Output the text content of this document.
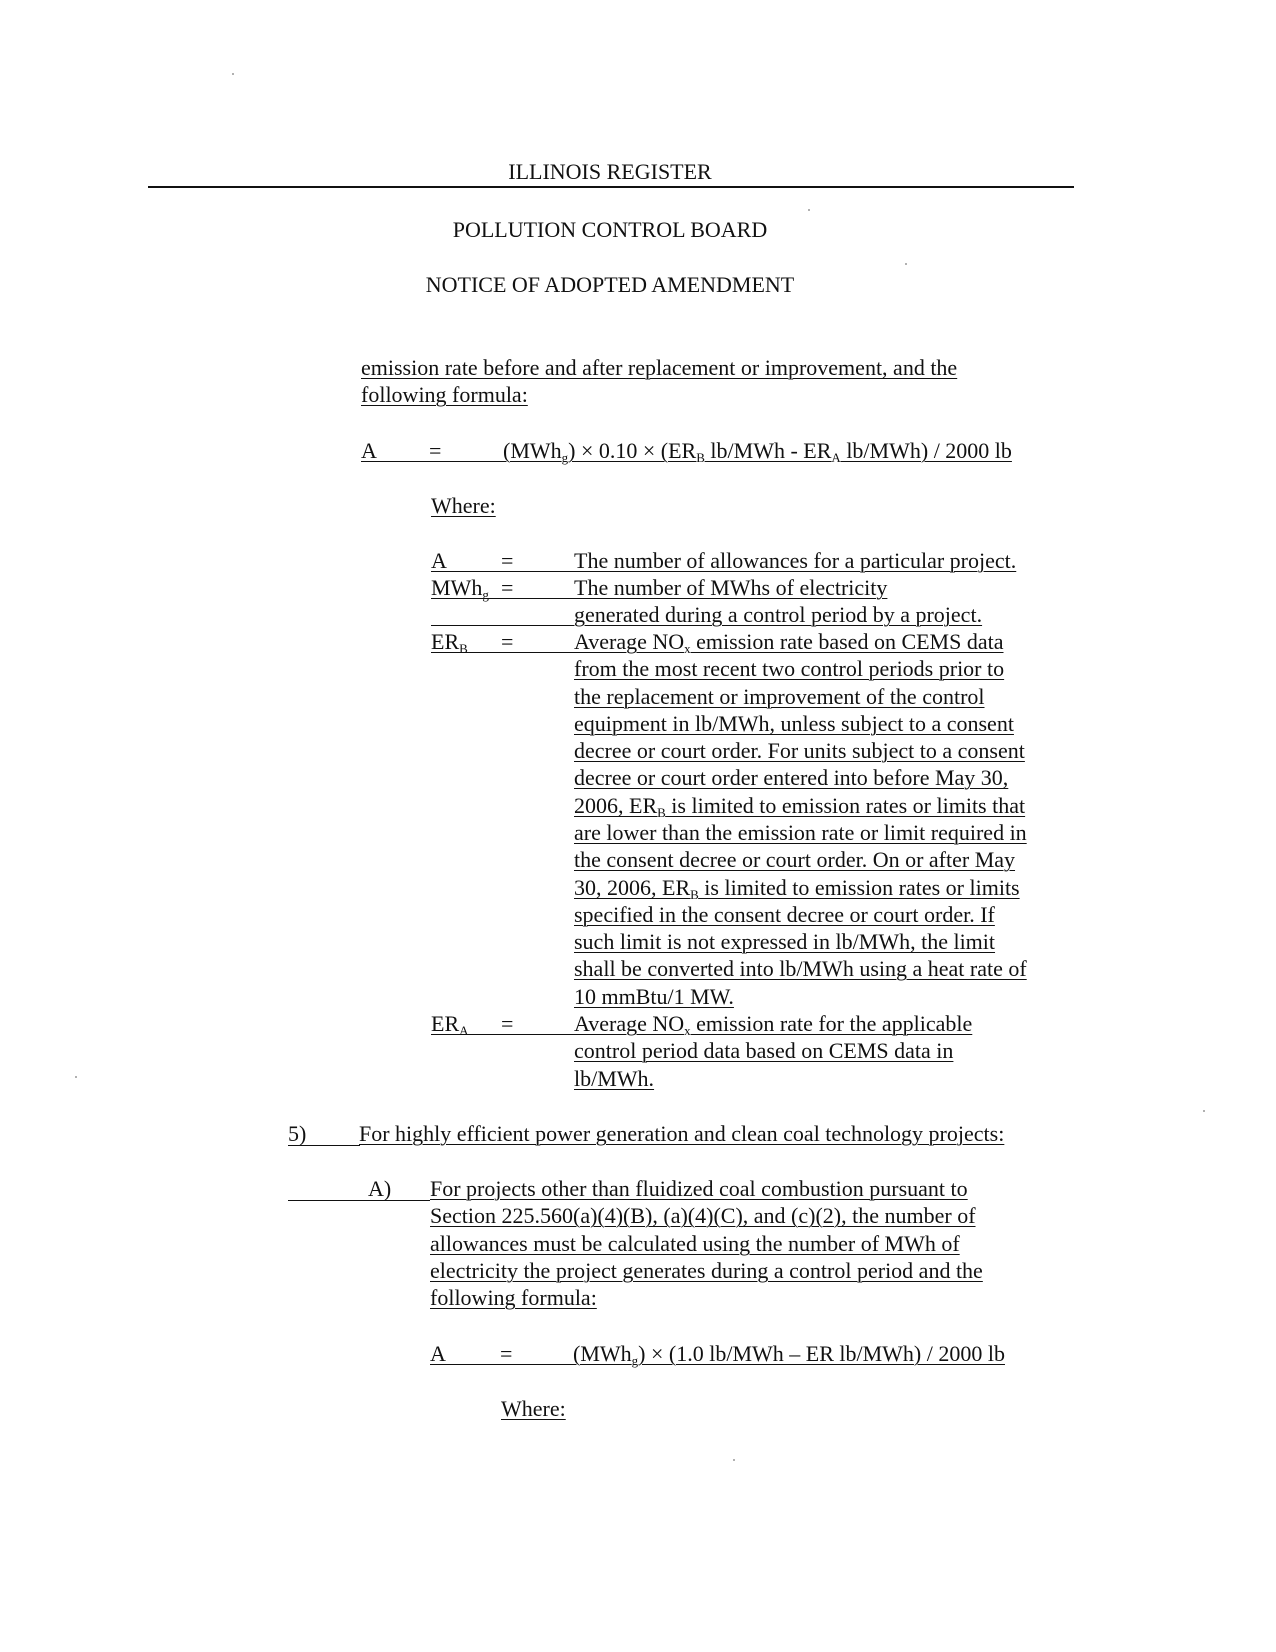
ILLINOIS REGISTER
POLLUTION CONTROL BOARD
NOTICE OF ADOPTED AMENDMENT
emission rate before and after replacement or improvement, and the
following formula:
A =	$(MWh_g) \times 0.10 \times (ER_B$ $lb/MWh - ER_A$ lb/MWh) / 2000 lb
Where:
A =	The number of allowances for a particular project.
MWh$_g$ =	The number of MWhs of electricity
generated during a control period by a project.
$ER_B$ =	Average $NO_x$ emission rate based on CEMS data
from the most recent two control periods prior to
the replacement or improvement of the control
equipment in lb/MWh, unless subject to a consent
decree or court order. For units subject to a consent
decree or court order entered into before May 30,
2006, $ER_B$ is limited to emission rates or limits that
are lower than the emission rate or limit required in
the consent decree or court order. On or after May
30, 2006, $ER_B$ is limited to emission rates or limits
specified in the consent decree or court order. If
such limit is not expressed in lb/MWh, the limit
shall be converted into lb/MWh using a heat rate of
10 mmBtu/1 MW.
$ER_A$ =	Average $NO_x$ emission rate for the applicable
control period data based on CEMS data in
lb/MWh.
5) For highly efficient power generation and clean coal technology projects:
A) For projects other than fluidized coal combustion pursuant to
Section 225.560(a)(4)(B), (a)(4)(C), and (c)(2), the number of
allowances must be calculated using the number of MWh of
electricity the project generates during a control period and the
following formula:
A =	(MWh$_g$) × (1.0 lb/MWh – ER lb/MWh) / 2000 lb
Where:
